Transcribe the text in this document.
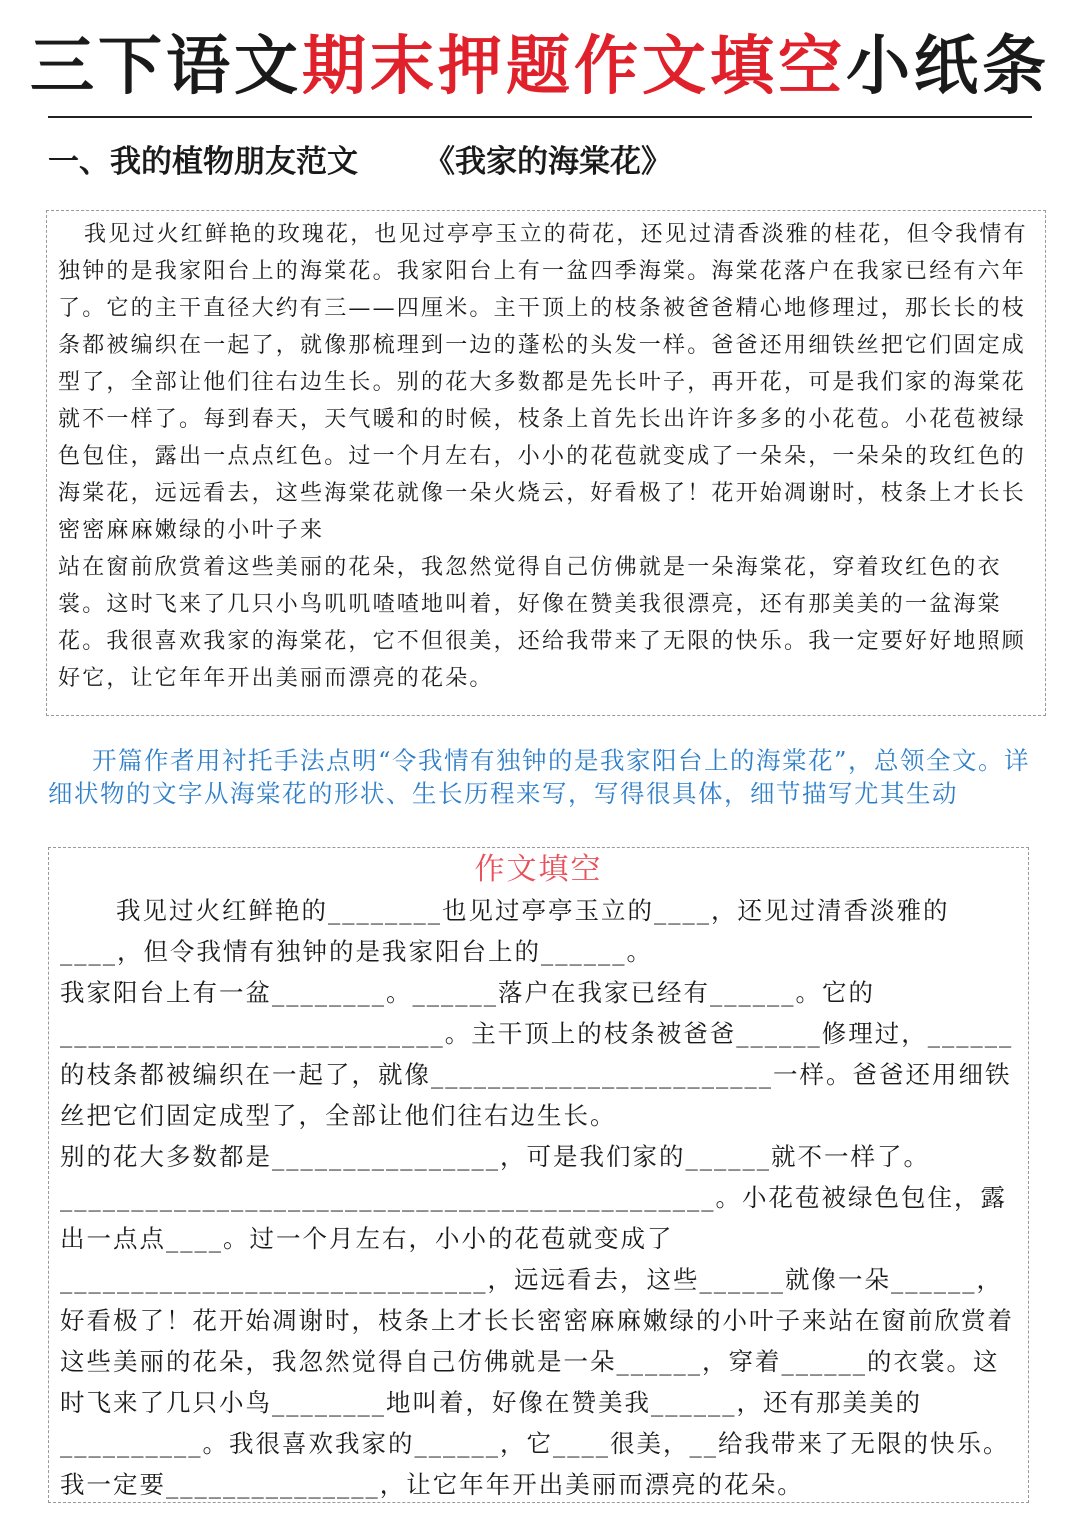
三下语文期末押题作文填空小纸条
一、我的植物朋友范文 《我家的海棠花》

我见过火红鲜艳的玫瑰花，也见过亭亭玉立的荷花，还见过清香淡雅的桂花，但令我情有独钟的是我家阳台上的海棠花。我家阳台上有一盆四季海棠。海棠花落户在我家已经有六年了。它的主干直径大约有三——四厘米。主干顶上的枝条被爸爸精心地修理过，那长长的枝条都被编织在一起了，就像那梳理到一边的蓬松的头发一样。爸爸还用细铁丝把它们固定成型了，全部让他们往右边生长。别的花大多数都是先长叶子，再开花，可是我们家的海棠花就不一样了。每到春天，天气暖和的时候，枝条上首先长出许许多多的小花苞。小花苞被绿色包住，露出一点点红色。过一个月左右，小小的花苞就变成了一朵朵，一朵朵的玫红色的海棠花，远远看去，这些海棠花就像一朵火烧云，好看极了！花开始凋谢时，枝条上才长长密密麻麻嫩绿的小叶子来

站在窗前欣赏着这些美丽的花朵，我忽然觉得自己仿佛就是一朵海棠花，穿着玫红色的衣裳。这时飞来了几只小鸟叽叽喳喳地叫着，好像在赞美我很漂亮，还有那美美的一盆海棠花。我很喜欢我家的海棠花，它不但很美，还给我带来了无限的快乐。我一定要好好地照顾好它，让它年年开出美丽而漂亮的花朵。

开篇作者用衬托手法点明“令我情有独钟的是我家阳台上的海棠花”，总领全文。详细状物的文字从海棠花的形状、生长历程来写，写得很具体，细节描写尤其生动

作文填空

我见过火红鲜艳的________也见过亭亭玉立的____，还见过清香淡雅的____，但令我情有独钟的是我家阳台上的______。

我家阳台上有一盆________。______落户在我家已经有______。它的___________________________。主干顶上的枝条被爸爸______修理过，______的枝条都被编织在一起了，就像________________________一样。爸爸还用细铁丝把它们固定成型了，全部让他们往右边生长。

别的花大多数都是________________，可是我们家的______就不一样了。______________________________________________。小花苞被绿色包住，露出一点点____。过一个月左右，小小的花苞就变成了______________________________，远远看去，这些______就像一朵______，好看极了！花开始凋谢时，枝条上才长长密密麻麻嫩绿的小叶子来站在窗前欣赏着这些美丽的花朵，我忽然觉得自己仿佛就是一朵______，穿着______的衣裳。这时飞来了几只小鸟________地叫着，好像在赞美我______，还有那美美的__________。我很喜欢我家的______，它____很美，__给我带来了无限的快乐。我一定要_______________，让它年年开出美丽而漂亮的花朵。
